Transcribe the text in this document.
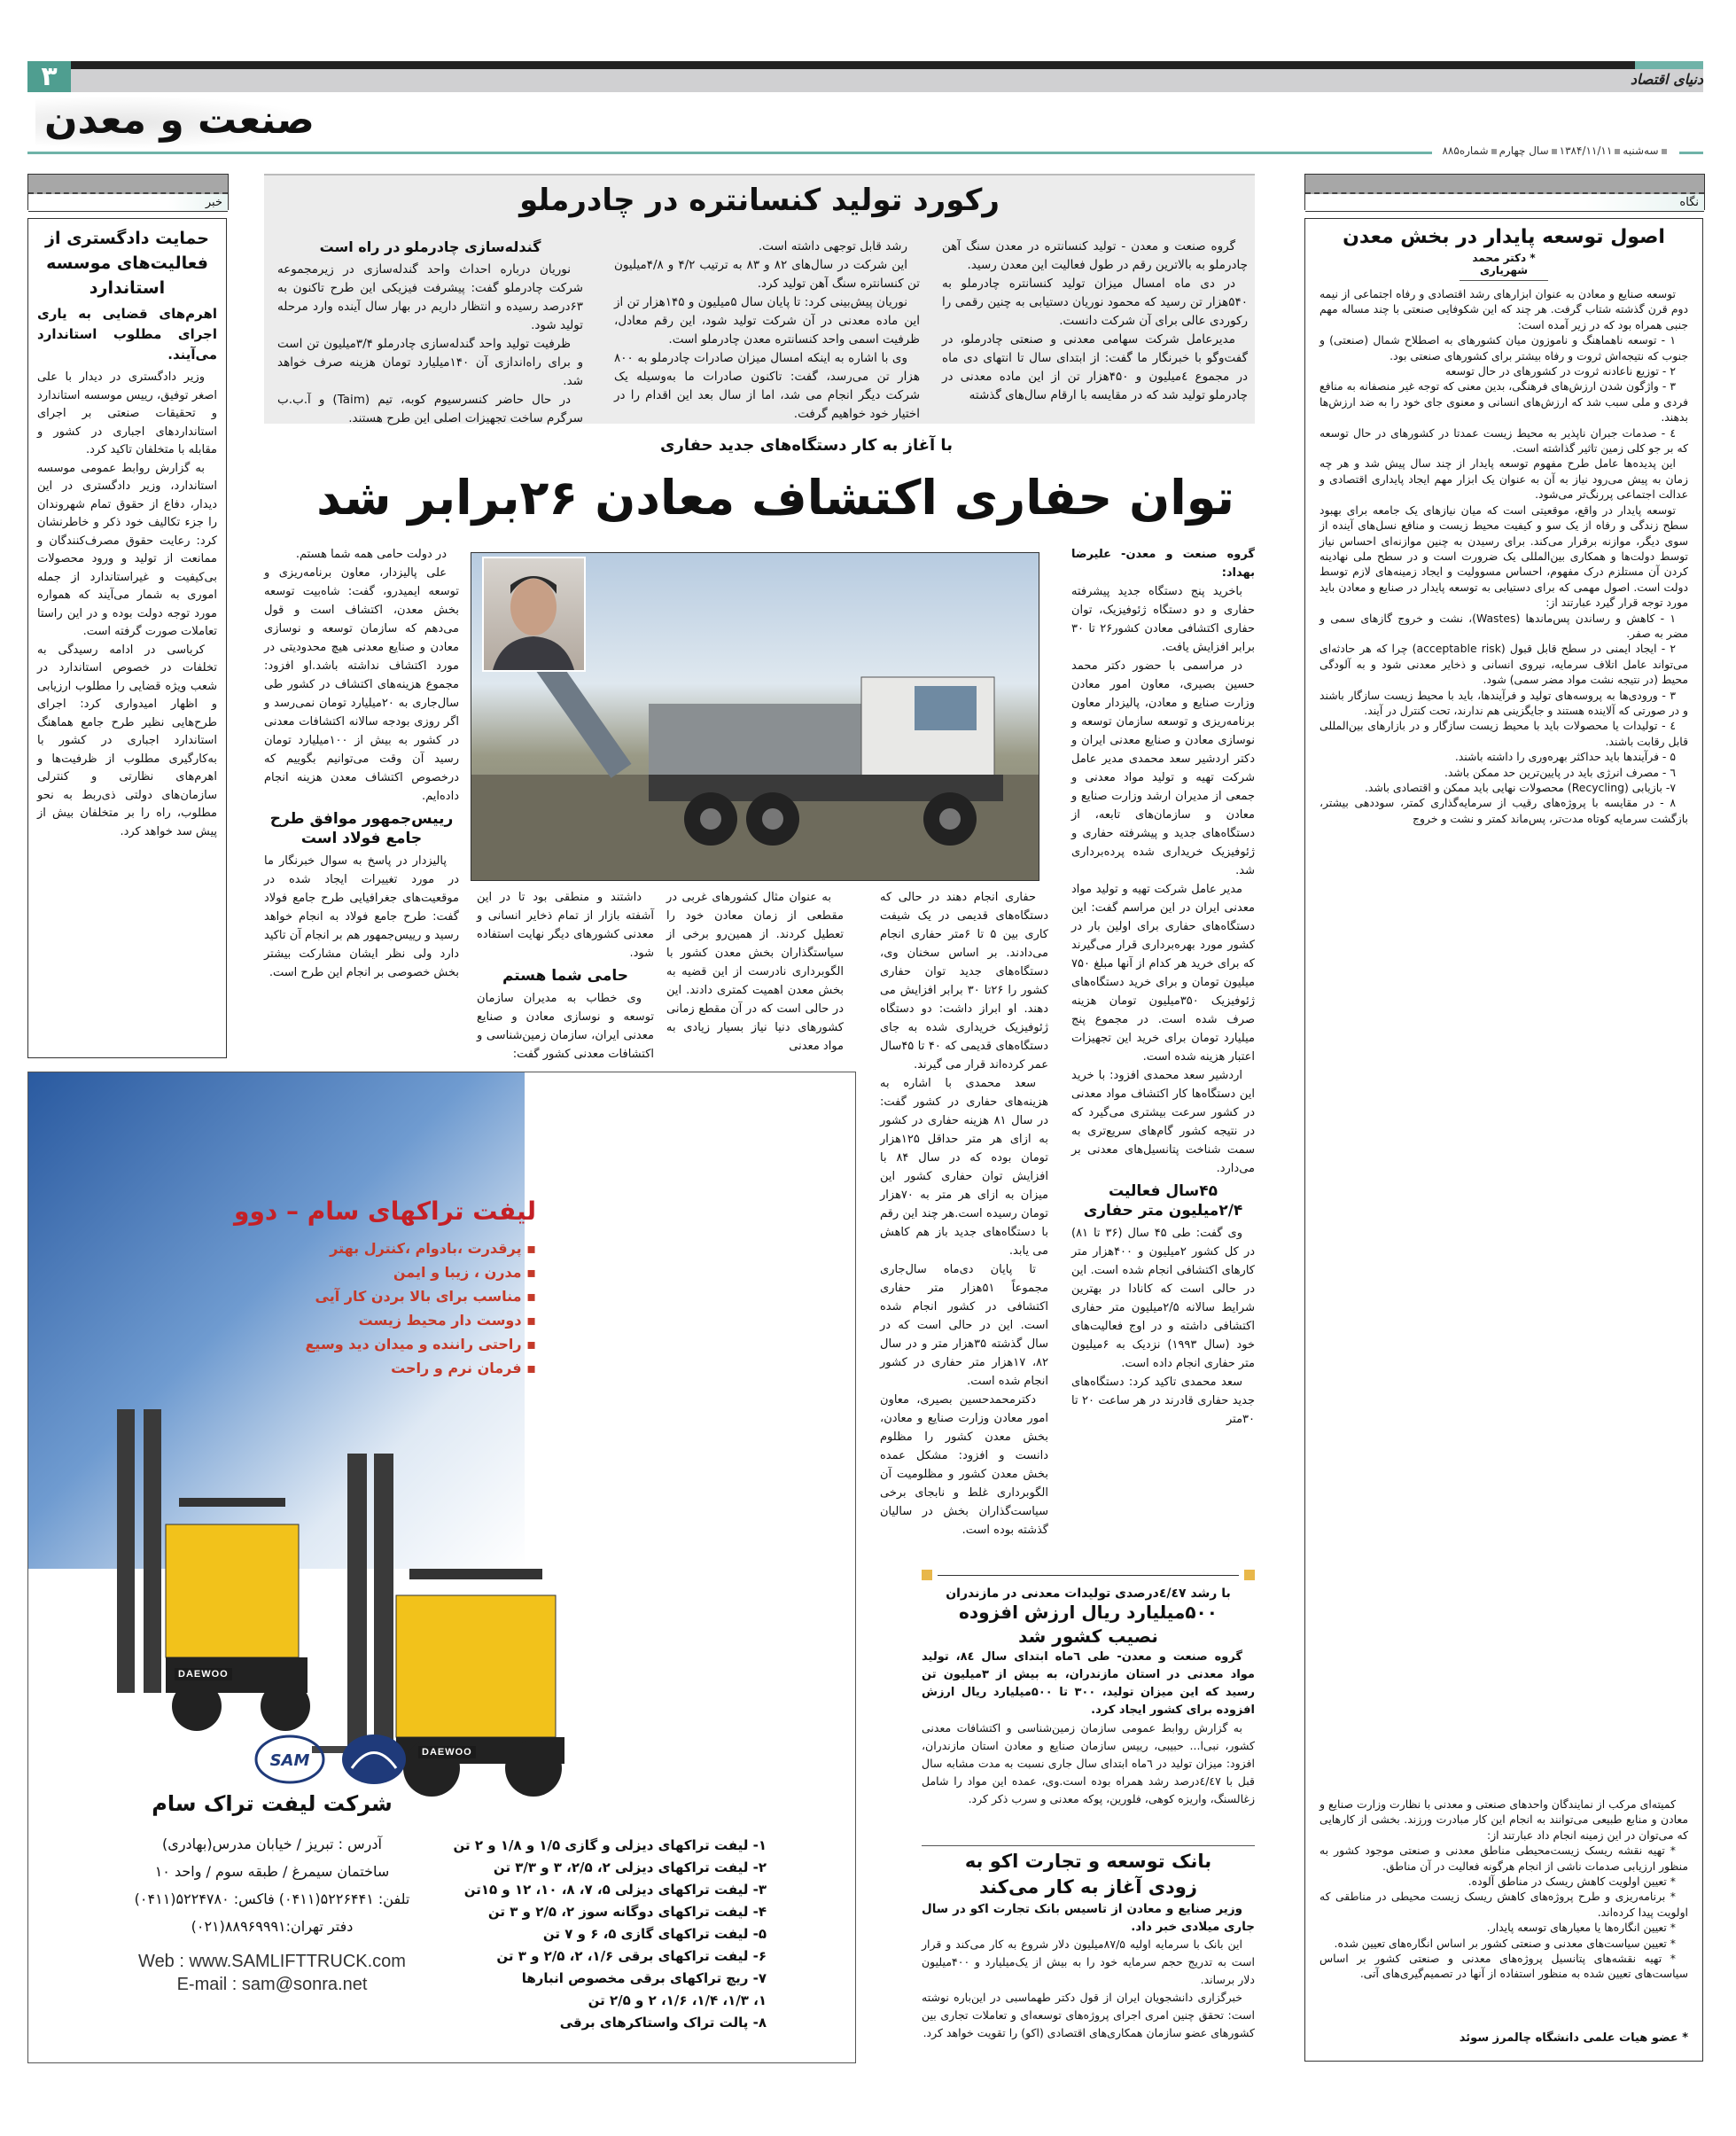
۳	دنیای اقتصاد
صنعت و معدن
سه‌شنبه۱۳۸۴/۱۱/۱۱سال چهارمشماره۸۸۵
خبر
حمایت دادگستری از فعالیت‌های موسسه استاندارد
اهرم‌های قضایی به یاری اجرای مطلوب استاندارد می‌آیند.

وزیر دادگستری در دیدار با علی اصغر توفیق، رییس موسسه استاندارد و تحقیقات صنعتی بر اجرای استانداردهای اجباری در کشور و مقابله با متخلفان تاکید کرد.

به گزارش روابط عمومی موسسه استاندارد، وزیر دادگستری در این دیدار، دفاع از حقوق تمام شهروندان را جزء تکالیف خود ذکر و خاطرنشان کرد: رعایت حقوق مصرف‌کنندگان و ممانعت از تولید و ورود محصولات بی‌کیفیت و غیراستاندارد از جمله اموری به شمار می‌آیند که همواره مورد توجه دولت بوده و در این راستا تعاملات صورت گرفته است.

کرباسی در ادامه رسیدگی به تخلفات در خصوص استاندارد در شعب ویژه قضایی را مطلوب ارزیابی و اظهار امیدواری کرد: اجرای طرح‌هایی نظیر طرح جامع هماهنگ استاندارد اجباری در کشور با به‌کارگیری مطلوب از ظرفیت‌ها و اهرم‌های نظارتی و کنترلی سازمان‌های دولتی ذی‌ربط به نحو مطلوب، راه را بر متخلفان بیش از پیش سد خواهد کرد.

رکورد تولید کنسانتره در چادرملو

گروه صنعت و معدن - تولید کنسانتره در معدن سنگ آهن چادرملو به بالاترین رقم در طول فعالیت این معدن رسید.

در دی ماه امسال میزان تولید کنسانتره چادرملو به ۵۴۰هزار تن رسید که محمود نوریان دستیابی به چنین رقمی را رکوردی عالی برای آن شرکت دانست.

مدیرعامل شرکت سهامی معدنی و صنعتی چادرملو، در گفت‌وگو با خبرنگار ما گفت: از ابتدای سال تا انتهای دی ماه در مجموع ٤میلیون و ۴۵۰هزار تن از این ماده معدنی در چادرملو تولید شد که در مقایسه با ارقام سال‌های گذشته

رشد قابل توجهی داشته است.

این شرکت در سال‌های ۸۲ و ۸۳ به ترتیب ۴/۲ و ۴/۸میلیون تن کنسانتره سنگ آهن تولید کرد.

نوریان پیش‌بینی کرد: تا پایان سال ۵میلیون و ۱۴۵هزار تن از این ماده معدنی در آن شرکت تولید شود، این رقم معادل، ظرفیت اسمی واحد کنسانتره معدن چادرملو است.

وی با اشاره به اینکه امسال میزان صادرات چادرملو به ۸۰۰ هزار تن می‌رسد، گفت: تاکنون صادرات ما به‌وسیله یک شرکت دیگر انجام می شد، اما از سال بعد این اقدام را در اختیار خود خواهیم گرفت.

گندله‌سازی چادرملو در راه است

نوریان درباره احداث واحد گندله‌سازی در زیرمجموعه شرکت چادرملو گفت: پیشرفت فیزیکی این طرح تاکنون به ۶۳درصد رسیده و انتظار داریم در بهار سال آینده وارد مرحله تولید شود.

ظرفیت تولید واحد گندله‌سازی چادرملو ۳/۴میلیون تن است و برای راه‌اندازی آن ۱۴۰میلیارد تومان هزینه صرف خواهد شد.

در حال حاضر کنسرسیوم کوبه، تیم (Taim) و آ.ب.ب سرگرم ساخت تجهیزات اصلی این طرح هستند.

با آغاز به کار دستگاه‌های جدید حفاری
توان حفاری اکتشاف معادن ۲۶برابر شد
گروه صنعت و معدن- علیرضا بهداد:

باخرید پنج دستگاه جدید پیشرفته حفاری و دو دستگاه ژئوفیزیک، توان حفاری اکتشافی معادن کشور۲۶ تا ۳۰ برابر افزایش یافت.

در مراسمی با حضور دکتر محمد حسین بصیری، معاون امور معادن وزارت صنایع و معادن، پالیزدار معاون برنامه‌ریزی و توسعه سازمان توسعه و نوسازی معادن و صنایع معدنی ایران و دکتر اردشیر سعد محمدی مدیر عامل شرکت تهیه و تولید مواد معدنی و جمعی از مدیران ارشد وزارت صنایع و معادن و سازمان‌های تابعه، از دستگاه‌های جدید و پیشرفته حفاری و ژئوفیزیک خریداری شده پرده‌برداری شد.

مدیر عامل شرکت تهیه و تولید مواد معدنی ایران در این مراسم گفت: این دستگاه‌های حفاری برای اولین بار در کشور مورد بهره‌برداری قرار می‌گیرند که برای خرید هر کدام از آنها مبلغ ۷۵۰ میلیون تومان و برای خرید دستگاه‌های ژئوفیزیک ۳۵۰میلیون تومان هزینه صرف شده است. در مجموع پنج میلیارد تومان برای خرید این تجهیزات اعتبار هزینه شده است.

اردشیر سعد محمدی افزود: با خرید این دستگاه‌ها کار اکتشاف مواد معدنی در کشور سرعت بیشتری می‌گیرد که در نتیجه کشور گام‌های سریع‌تری به سمت شناخت پتانسیل‌های معدنی بر می‌دارد.

۴۵سال فعالیت
۲/۴میلیون متر حفاری

وی گفت: طی ۴۵ سال (۳۶ تا ۸۱) در کل کشور ۲میلیون و ۴۰۰هزار متر کارهای اکتشافی انجام شده است. این در حالی است که کانادا در بهترین شرایط سالانه ۲/۵میلیون متر حفاری اکتشافی داشته و در اوج فعالیت‌های خود (سال ۱۹۹۳) نزدیک به ۶میلیون متر حفاری انجام داده است.

سعد محمدی تاکید کرد: دستگاه‌های جدید حفاری قادرند در هر ساعت ۲۰ تا ۳۰متر

حفاری انجام دهند در حالی که دستگاه‌های قدیمی در یک شیفت کاری بین ۵ تا ۶متر حفاری انجام می‌دادند. بر اساس سخنان وی، دستگاه‌های جدید توان حفاری کشور را ۲۶تا ۳۰ برابر افزایش می دهند. او ابراز داشت: دو دستگاه ژئوفیزیک خریداری شده به جای دستگاه‌های قدیمی که ۴۰ تا ۴۵سال عمر کرده‌اند قرار می گیرند.

سعد محمدی با اشاره به هزینه‌های حفاری در کشور گفت: در سال ۸۱ هزینه حفاری در کشور به ازای هر متر حداقل ۱۲۵هزار تومان بوده که در سال ۸۴ با افزایش توان حفاری کشور این میزان به ازای هر متر به ۷۰هزار تومان رسیده است.هر چند این رقم با دستگاه‌های جدید باز هم کاهش می یابد.

تا پایان دی‌ماه سال‌جاری مجموعاً ۵۱هزار متر حفاری اکتشافی در کشور انجام شده است. این در حالی است که در سال گذشته ۳۵هزار متر و در سال ۸۲، ۱۷هزار متر حفاری در کشور انجام شده است.

دکترمحمدحسین بصیری، معاون امور معادن وزارت صنایع و معادن، بخش معدن کشور را مظلوم دانست و افزود: مشکل عمده بخش معدن کشور و مظلومیت آن الگوبرداری غلط و نابجای برخی سیاست‌گذاران بخش در سالیان گذشته بوده است.

به عنوان مثال کشورهای غربی در مقطعی از زمان معادن خود را تعطیل کردند. از همین‌رو برخی از سیاستگذاران بخش معدن کشور با الگوبرداری نادرست از این قضیه به بخش معدن اهمیت کمتری دادند. این در حالی است که در آن مقطع زمانی کشورهای دنیا نیاز بسیار زیادی به مواد معدنی

داشتند و منطقی بود تا در این آشفته بازار از تمام ذخایر انسانی و معدنی کشورهای دیگر نهایت استفاده شود.

حامی شما هستم

وی خطاب به مدیران سازمان توسعه و نوسازی معادن و صنایع معدنی ایران، سازمان زمین‌شناسی و اکتشافات معدنی کشور گفت:

در دولت حامی همه شما هستم.

علی پالیزدار، معاون برنامه‌ریزی و توسعه ایمیدرو، گفت: شاه‌بیت توسعه بخش معدن، اکتشاف است و قول می‌دهم که سازمان توسعه و نوسازی معادن و صنایع معدنی هیچ محدودیتی در مورد اکتشاف نداشته باشد.او افزود: مجموع هزینه‌های اکتشاف در کشور طی سال‌جاری به ۲۰میلیارد تومان نمی‌رسد و اگر روزی بودجه سالانه اکتشافات معدنی در کشور به بیش از ۱۰۰میلیارد تومان رسید آن وقت می‌توانیم بگوییم که درخصوص اکتشاف معدن هزینه انجام داده‌ایم.

رییس‌جمهور موافق طرح جامع فولاد است

پالیزدار در پاسخ به سوال خبرنگار ما در مورد تغییرات ایجاد شده در موقعیت‌های جغرافیایی طرح جامع فولاد گفت: طرح جامع فولاد به انجام خواهد رسید و رییس‌جمهور هم بر انجام آن تاکید دارد ولی نظر ایشان مشارکت بیشتر بخش خصوصی بر انجام این طرح است.

با رشد ٤/٤٧درصدی تولیدات معدنی در مازندران
۵۰۰میلیارد ریال ارزش افزوده نصیب کشور شد
گروه صنعت و معدن- طی ٦ماه ابتدای سال ٨٤، تولید مواد معدنی در استان مازندران، به بیش از ۳میلیون تن رسید که این میزان تولید، ۳۰۰ تا ۵۰۰میلیارد ریال ارزش افزوده برای کشور ایجاد کرد.

به گزارش روابط عمومی سازمان زمین‌شناسی و اکتشافات معدنی کشور، نبی‌ا... حبیبی، رییس سازمان صنایع و معادن استان مازندران، افزود: میزان تولید در ٦ماه ابتدای سال جاری نسبت به مدت مشابه سال قبل با ٤/٤٧درصد رشد همراه بوده است.وی، عمده این مواد را شامل زغالسنگ، واریزه کوهی، فلورین، پوکه معدنی و سرب ذکر کرد.

بانک توسعه و تجارت اکو به زودی آغاز به کار می‌کند
وزیر صنایع و معادن از تاسیس بانک تجارت اکو در سال جاری میلادی خبر داد.

این بانک با سرمایه اولیه ۸۷/۵میلیون دلار شروع به کار می‌کند و قرار است به تدریج حجم سرمایه خود را به بیش از یک‌میلیارد و ۴۰۰میلیون دلار برساند.

خبرگزاری دانشجویان ایران از قول دکتر طهماسبی در این‌باره نوشته است: تحقق چنین امری اجرای پروژه‌های توسعه‌ای و تعاملات تجاری بین کشورهای عضو سازمان همکاری‌های اقتصادی (اکو) را تقویت خواهد کرد.

نگاه
اصول توسعه پایدار در بخش معدن
* دکتر محمد شهریاری

توسعه صنایع و معادن به عنوان ابزارهای رشد اقتصادی و رفاه اجتماعی از نیمه دوم قرن گذشته شتاب گرفت. هر چند که این شکوفایی صنعتی با چند مساله مهم جنبی همراه بود که در زیر آمده است:

۱ - توسعه ناهماهنگ و ناموزون میان کشورهای به اصطلاح شمال (صنعتی) و جنوب که نتیجه‌اش ثروت و رفاه بیشتر برای کشورهای صنعتی بود.

۲ - توزیع ناعادنه ثروت در کشورهای در حال توسعه

۳ - واژگون شدن ارزش‌های فرهنگی، بدین معنی که توجه غیر منصفانه به منافع فردی و ملی سبب شد که ارزش‌های انسانی و معنوی جای خود را به ضد ارزش‌ها بدهند.

٤ - صدمات جبران ناپذیر به محیط زیست عمدتا در کشورهای در حال توسعه که بر جو کلی زمین تاثیر گذاشته است.

این پدیده‌ها عامل طرح مفهوم توسعه پایدار از چند سال پیش شد و هر چه زمان به پیش می‌رود نیاز به آن به عنوان یک ابزار مهم ایجاد پایداری اقتصادی و عدالت اجتماعی پررنگ‌تر می‌شود.

توسعه پایدار در واقع، موقعیتی است که میان نیازهای یک جامعه برای بهبود سطح زندگی و رفاه از یک سو و کیفیت محیط زیست و منافع نسل‌های آینده از سوی دیگر، موازنه برقرار می‌کند. برای رسیدن به چنین موازنه‌ای احساس نیاز توسط دولت‌ها و همکاری بین‌المللی یک ضرورت است و در سطح ملی نهادینه کردن آن مستلزم درک مفهوم، احساس مسوولیت و ایجاد زمینه‌های لازم توسط دولت است. اصول مهمی که برای دستیابی به توسعه پایدار در صنایع و معادن باید مورد توجه قرار گیرد عبارتند از:

۱ - کاهش و رساندن پس‌ماندها (Wastes)، نشت و خروج گازهای سمی و مضر به صفر.

۲ - ایجاد ایمنی در سطح قابل قبول (acceptable risk) چرا که هر حادثه‌ای می‌تواند عامل اتلاف سرمایه، نیروی انسانی و ذخایر معدنی شود و به آلودگی محیط (در نتیجه نشت مواد مضر سمی) شود.

۳ - ورودی‌ها به پروسه‌های تولید و فرآیندها، باید با محیط زیست سازگار باشند و در صورتی که آلاینده هستند و جایگزینی هم ندارند، تحت کنترل در آیند.

٤ - تولیدات یا محصولات باید با محیط زیست سازگار و در بازارهای بین‌المللی قابل رقابت باشند.

۵ - فرآیندها باید حداکثر بهره‌وری را داشته باشند.

٦ - مصرف انرژی باید در پایین‌ترین حد ممکن باشد.

۷- بازیابی (Recycling) محصولات نهایی باید ممکن و اقتصادی باشد.

۸ - در مقایسه با پروژه‌های رقیب از سرمایه‌گذاری کمتر، سوددهی بیشتر، بازگشت سرمایه کوتاه مدت‌تر، پس‌ماند کمتر و نشت و خروج

کمیته‌ای مرکب از نمایندگان واحدهای صنعتی و معدنی با نظارت وزارت صنایع و معادن و منابع طبیعی می‌توانند به انجام این کار مبادرت ورزند. بخشی از کارهایی که می‌توان در این زمینه انجام داد عبارتند از:

* تهیه نقشه ریسک زیست‌محیطی مناطق معدنی و صنعتی موجود کشور به منظور ارزیابی صدمات ناشی از انجام هرگونه فعالیت در آن مناطق.

* تعیین اولویت کاهش ریسک در مناطق آلوده.

* برنامه‌ریزی و طرح پروژه‌های کاهش ریسک زیست محیطی در مناطقی که اولویت پیدا کرده‌اند.

* تعیین انگاره‌ها یا معیارهای توسعه پایدار.

* تعیین سیاست‌های معدنی و صنعتی کشور بر اساس انگاره‌های تعیین شده.

* تهیه نقشه‌های پتانسیل پروژه‌های معدنی و صنعتی کشور بر اساس سیاست‌های تعیین شده به منظور استفاده از آنها در تصمیم‌گیری‌های آتی.

* عضو هیات علمی دانشگاه چالمرز سوئد
لیفت تراکهای سام – دوو
▪ پرقدرت ،بادوام ،کنترل بهتر
▪ مدرن ، زیبا و ایمن
▪ مناسب برای بالا بردن کار آیی
▪ دوست دار محیط زیست
▪ راحتی راننده و میدان دید وسیع
▪ فرمان نرم و راحت
DAEWOO
DAEWOO
SAM
شرکت لیفت تراک سام
آدرس : تبریز / خیابان مدرس(بهادری)
ساختمان سیمرغ / طبقه سوم / واحد ۱۰
تلفن: ۵۲۲۶۴۴۱(۰۴۱۱) فاکس: ۵۲۲۴۷۸۰(۰۴۱۱)
دفتر تهران:۸۸۹۶۹۹۹۱(۰۲۱)
Web : www.SAMLIFTTRUCK.com
E-mail : sam@sonra.net
۱- لیفت تراکهای دیزلی و گازی ۱/۵ و ۱/۸ و ۲ تن
۲- لیفت تراکهای دیزلی ۲، ۲/۵، ۳ و ۳/۳ تن
۳- لیفت تراکهای دیزلی ۵، ۷، ۸، ۱۰، ۱۲ و ۱۵تن
۴- لیفت تراکهای دوگانه سوز ۲، ۲/۵ و ۳ تن
۵- لیفت تراکهای گازی ۵، ۶ و ۷ تن
۶- لیفت تراکهای برقی ۱/۶، ۲، ۲/۵ و ۳ تن
۷- ریچ تراکهای برقی مخصوص انبارها
۱، ۱/۳، ۱/۴، ۱/۶، ۲ و ۲/۵ تن
۸- پالت تراک واستاکرهای برقی
